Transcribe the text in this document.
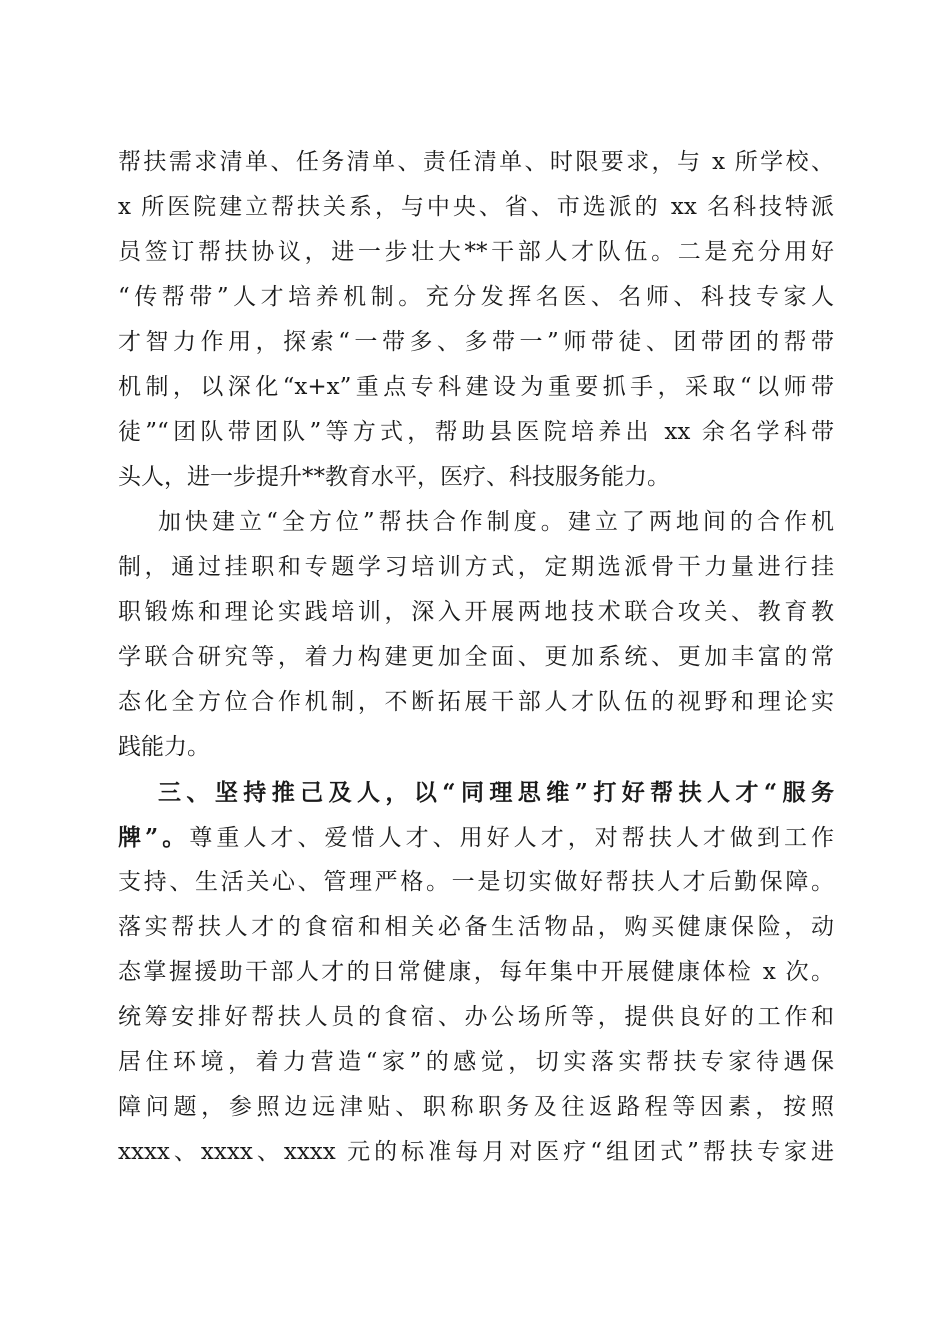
帮扶需求清单、任务清单、责任清单、时限要求，与 x 所学校、
x 所医院建立帮扶关系，与中央、省、市选派的 xx 名科技特派
员签订帮扶协议，进一步壮大**干部人才队伍。二是充分用好
“传帮带”人才培养机制。充分发挥名医、名师、科技专家人
才智力作用，探索“一带多、多带一”师带徒、团带团的帮带
机制，以深化“x+x”重点专科建设为重要抓手，采取“以师带
徒”“团队带团队”等方式，帮助县医院培养出 xx 余名学科带
头人，进一步提升**教育水平，医疗、科技服务能力。
加快建立“全方位”帮扶合作制度。建立了两地间的合作机
制，通过挂职和专题学习培训方式，定期选派骨干力量进行挂
职锻炼和理论实践培训，深入开展两地技术联合攻关、教育教
学联合研究等，着力构建更加全面、更加系统、更加丰富的常
态化全方位合作机制，不断拓展干部人才队伍的视野和理论实
践能力。
三、坚持推己及人，以“同理思维”打好帮扶人才“服务
牌”。尊重人才、爱惜人才、用好人才，对帮扶人才做到工作
支持、生活关心、管理严格。一是切实做好帮扶人才后勤保障。
落实帮扶人才的食宿和相关必备生活物品，购买健康保险，动
态掌握援助干部人才的日常健康，每年集中开展健康体检 x 次。
统筹安排好帮扶人员的食宿、办公场所等，提供良好的工作和
居住环境，着力营造“家”的感觉，切实落实帮扶专家待遇保
障问题，参照边远津贴、职称职务及往返路程等因素，按照
xxxx、xxxx、xxxx 元的标准每月对医疗“组团式”帮扶专家进
